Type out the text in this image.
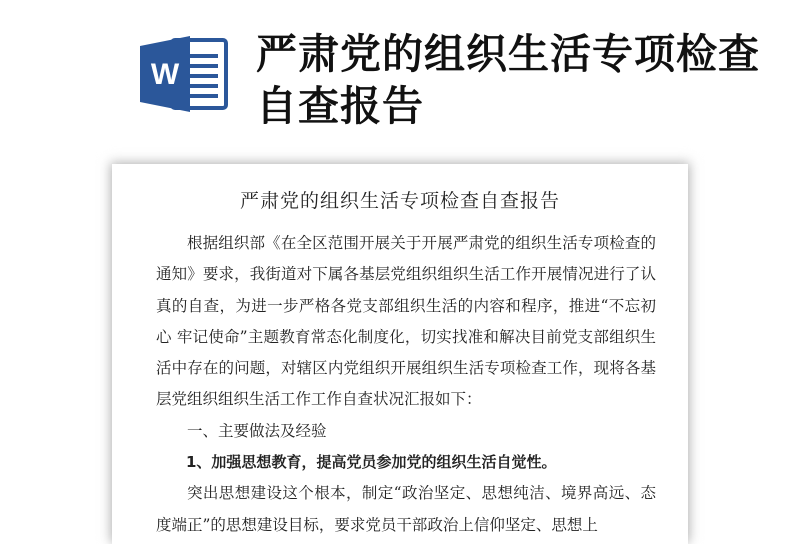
W 严肃党的组织生活专项检查自查报告
严肃党的组织生活专项检查自查报告

根据组织部《在全区范围开展关于开展严肃党的组织生活专项检查的通知》要求，我街道对下属各基层党组织组织生活工作开展情况进行了认真的自查，为进一步严格各党支部组织生活的内容和程序，推进“不忘初心 牢记使命”主题教育常态化制度化，切实找准和解决目前党支部组织生活中存在的问题，对辖区内党组织开展组织生活专项检查工作，现将各基层党组织组织生活工作工作自查状况汇报如下：

一、主要做法及经验

1、加强思想教育，提高党员参加党的组织生活自觉性。

突出思想建设这个根本，制定“政治坚定、思想纯洁、境界高远、态度端正”的思想建设目标，要求党员干部政治上信仰坚定、思想上
